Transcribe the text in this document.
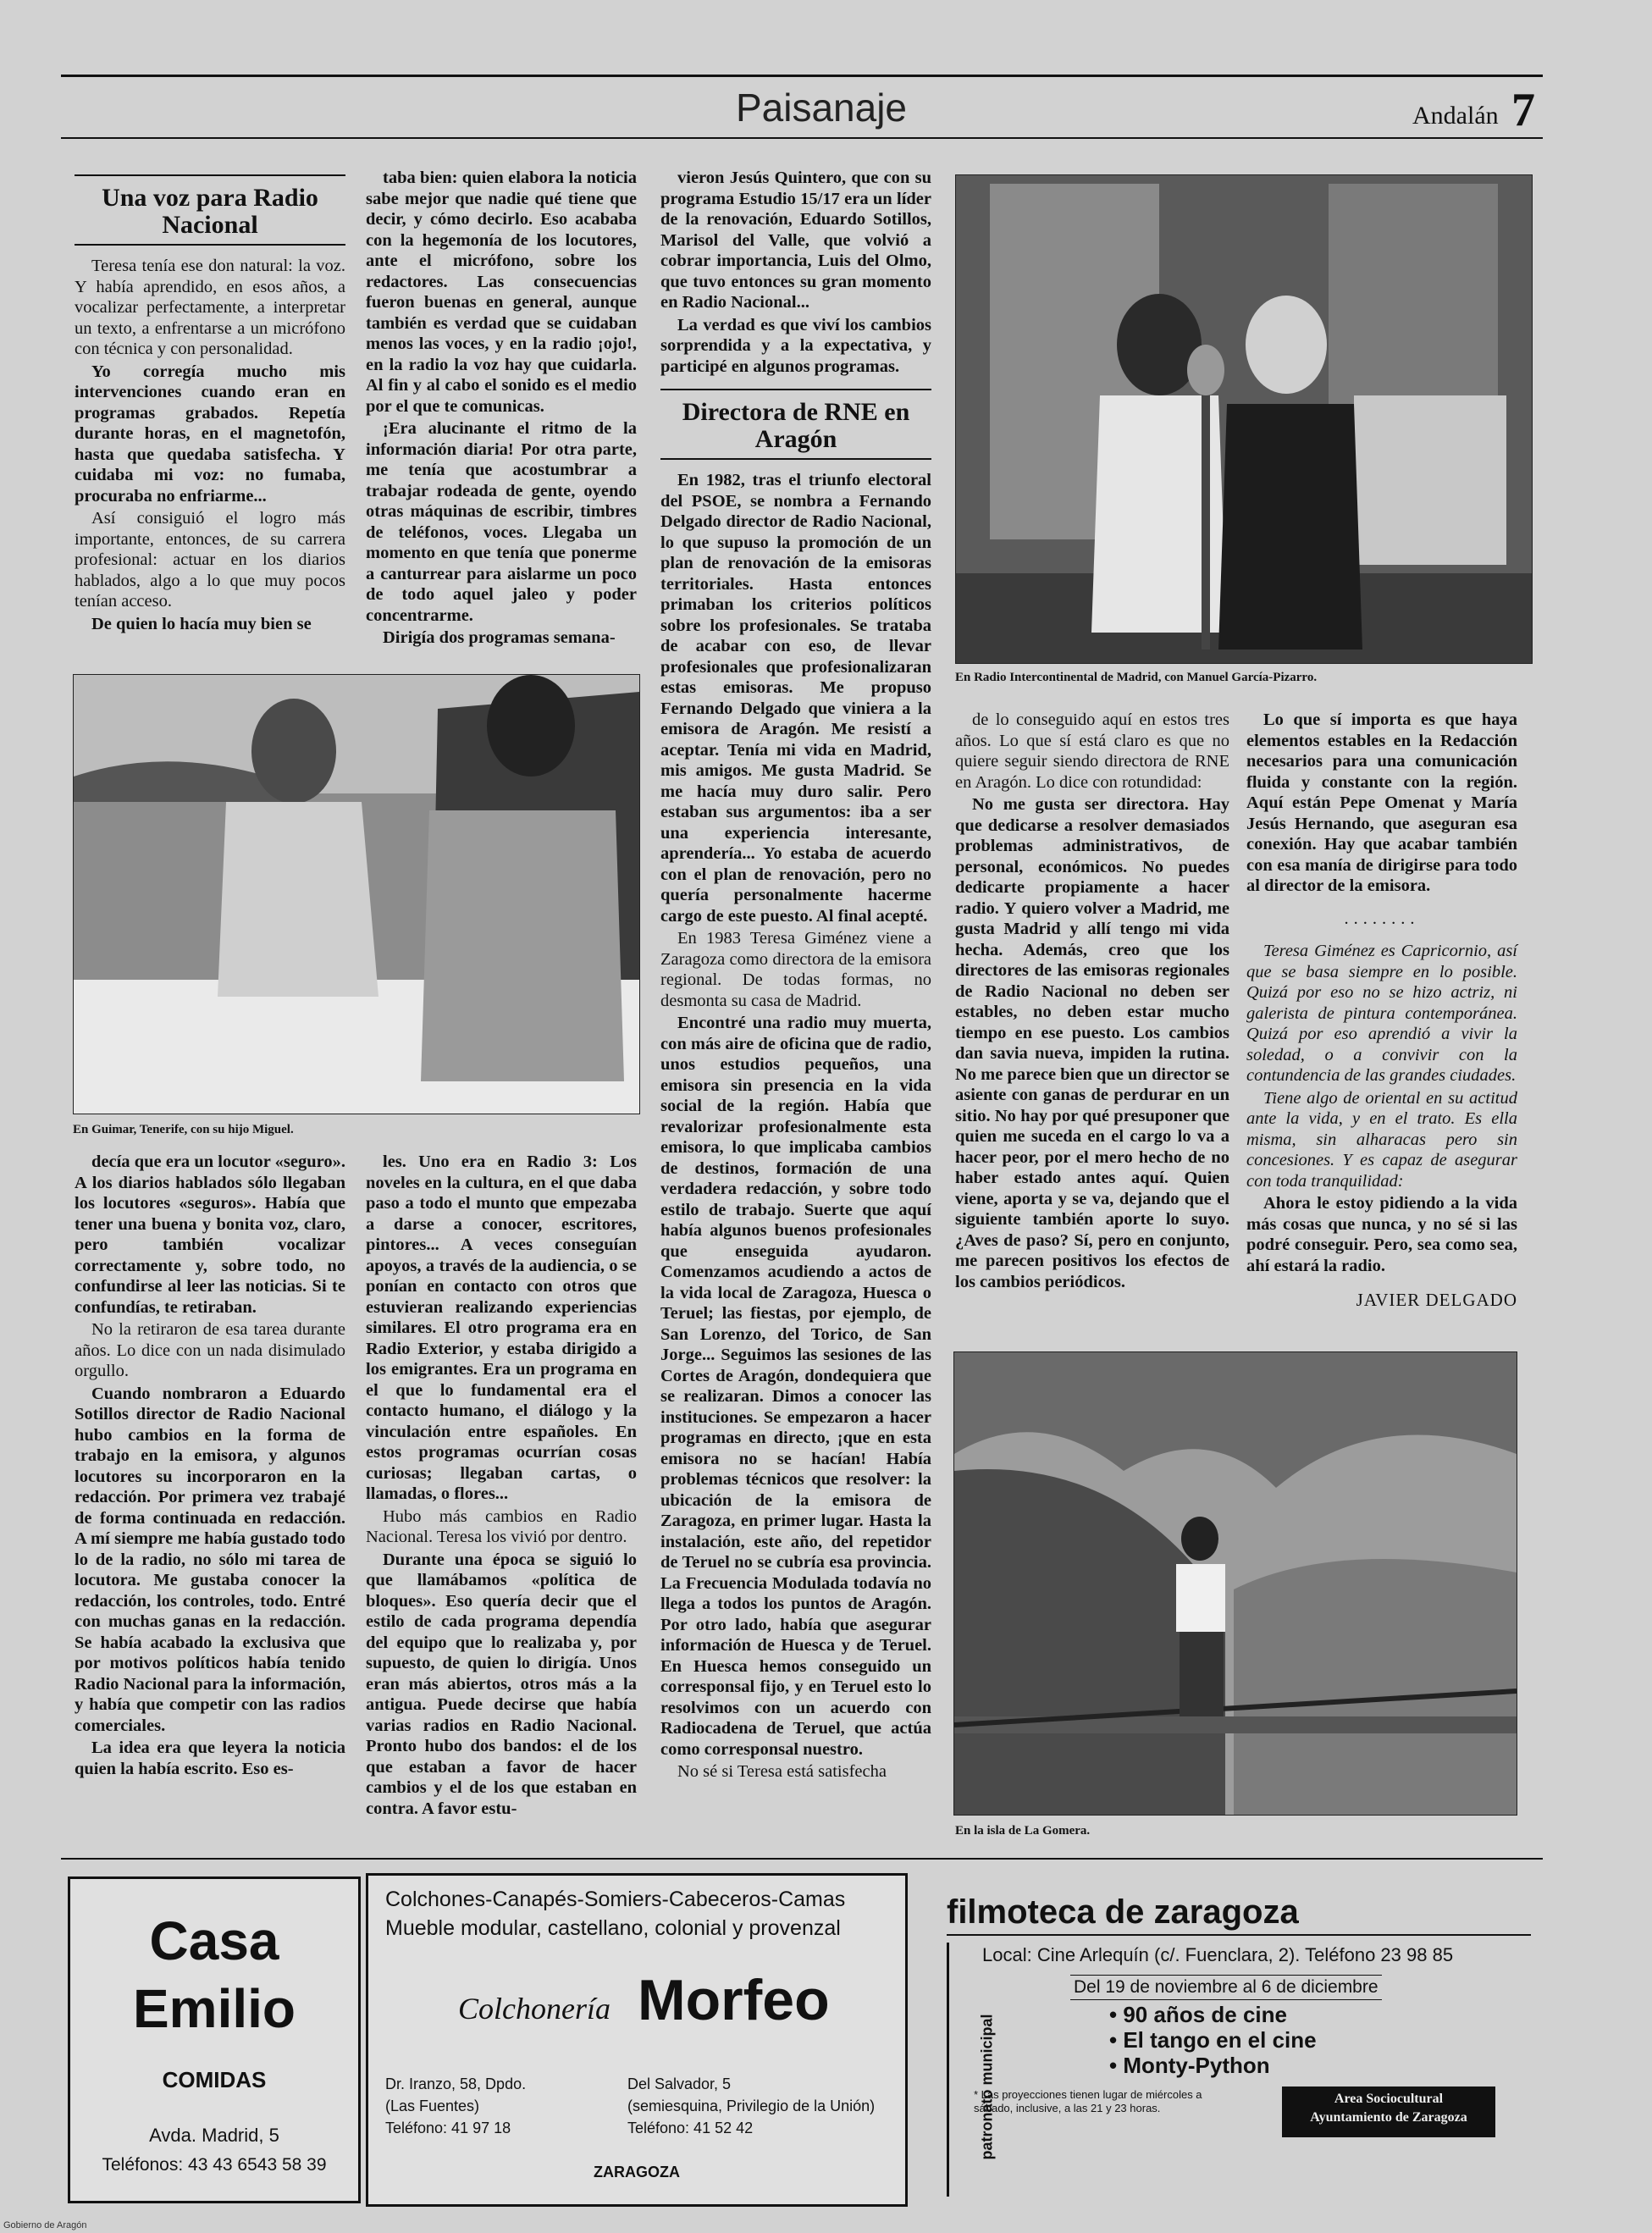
Paisanaje	Andalán 7
Una voz para Radio Nacional

Teresa tenía ese don natural: la voz. Y había aprendido, en esos años, a vocalizar perfectamente, a interpretar un texto, a enfrentarse a un micrófono con técnica y con personalidad.

Yo corregía mucho mis intervenciones cuando eran en programas grabados. Repetía durante horas, en el magnetofón, hasta que quedaba satisfecha. Y cuidaba mi voz: no fumaba, procuraba no enfriarme...

Así consiguió el logro más importante, entonces, de su carrera profesional: actuar en los diarios hablados, algo a lo que muy pocos tenían acceso.

De quien lo hacía muy bien se

taba bien: quien elabora la noticia sabe mejor que nadie qué tiene que decir, y cómo decirlo. Eso acababa con la hegemonía de los locutores, ante el micrófono, sobre los redactores. Las consecuencias fueron buenas en general, aunque también es verdad que se cuidaban menos las voces, y en la radio ¡ojo!, en la radio la voz hay que cuidarla. Al fin y al cabo el sonido es el medio por el que te comunicas.

¡Era alucinante el ritmo de la información diaria! Por otra parte, me tenía que acostumbrar a trabajar rodeada de gente, oyendo otras máquinas de escribir, timbres de teléfonos, voces. Llegaba un momento en que tenía que ponerme a canturrear para aislarme un poco de todo aquel jaleo y poder concentrarme.

Dirigía dos programas semana-

vieron Jesús Quintero, que con su programa Estudio 15/17 era un líder de la renovación, Eduardo Sotillos, Marisol del Valle, que volvió a cobrar importancia, Luis del Olmo, que tuvo entonces su gran momento en Radio Nacional...

La verdad es que viví los cambios sorprendida y a la expectativa, y participé en algunos programas.

Directora de RNE en Aragón

En 1982, tras el triunfo electoral del PSOE, se nombra a Fernando Delgado director de Radio Nacional, lo que supuso la promoción de un plan de renovación de la emisoras territoriales. Hasta entonces primaban los criterios políticos sobre los profesionales. Se trataba de acabar con eso, de llevar profesionales que profesionalizaran estas emisoras. Me propuso Fernando Delgado que viniera a la emisora de Aragón. Me resistí a aceptar. Tenía mi vida en Madrid, mis amigos. Me gusta Madrid. Se me hacía muy duro salir. Pero estaban sus argumentos: iba a ser una experiencia interesante, aprendería... Yo estaba de acuerdo con el plan de renovación, pero no quería personalmente hacerme cargo de este puesto. Al final acepté.

En 1983 Teresa Giménez viene a Zaragoza como directora de la emisora regional. De todas formas, no desmonta su casa de Madrid.

Encontré una radio muy muerta, con más aire de oficina que de radio, unos estudios pequeños, una emisora sin presencia en la vida social de la región. Había que revalorizar profesionalmente esta emisora, lo que implicaba cambios de destinos, formación de una verdadera redacción, y sobre todo estilo de trabajo. Suerte que aquí había algunos buenos profesionales que enseguida ayudaron. Comenzamos acudiendo a actos de la vida local de Zaragoza, Huesca o Teruel; las fiestas, por ejemplo, de San Lorenzo, del Torico, de San Jorge... Seguimos las sesiones de las Cortes de Aragón, dondequiera que se realizaran. Dimos a conocer las instituciones. Se empezaron a hacer programas en directo, ¡que en esta emisora no se hacían! Había problemas técnicos que resolver: la ubicación de la emisora de Zaragoza, en primer lugar. Hasta la instalación, este año, del repetidor de Teruel no se cubría esa provincia. La Frecuencia Modulada todavía no llega a todos los puntos de Aragón. Por otro lado, había que asegurar información de Huesca y de Teruel. En Huesca hemos conseguido un corresponsal fijo, y en Teruel esto lo resolvimos con un acuerdo con Radiocadena de Teruel, que actúa como corresponsal nuestro.

No sé si Teresa está satisfecha

En Radio Intercontinental de Madrid, con Manuel García-Pizarro.
En Guimar, Tenerife, con su hijo Miguel.

decía que era un locutor «seguro». A los diarios hablados sólo llegaban los locutores «seguros». Había que tener una buena y bonita voz, claro, pero también vocalizar correctamente y, sobre todo, no confundirse al leer las noticias. Si te confundías, te retiraban.

No la retiraron de esa tarea durante años. Lo dice con un nada disimulado orgullo.

Cuando nombraron a Eduardo Sotillos director de Radio Nacional hubo cambios en la forma de trabajo en la emisora, y algunos locutores su incorporaron en la redacción. Por primera vez trabajé de forma continuada en redacción. A mí siempre me había gustado todo lo de la radio, no sólo mi tarea de locutora. Me gustaba conocer la redacción, los controles, todo. Entré con muchas ganas en la redacción. Se había acabado la exclusiva que por motivos políticos había tenido Radio Nacional para la información, y había que competir con las radios comerciales.

La idea era que leyera la noticia quien la había escrito. Eso es-

les. Uno era en Radio 3: Los noveles en la cultura, en el que daba paso a todo el munto que empezaba a darse a conocer, escritores, pintores... A veces conseguían apoyos, a través de la audiencia, o se ponían en contacto con otros que estuvieran realizando experiencias similares. El otro programa era en Radio Exterior, y estaba dirigido a los emigrantes. Era un programa en el que lo fundamental era el contacto humano, el diálogo y la vinculación entre españoles. En estos programas ocurrían cosas curiosas; llegaban cartas, o llamadas, o flores...

Hubo más cambios en Radio Nacional. Teresa los vivió por dentro.

Durante una época se siguió lo que llamábamos «política de bloques». Eso quería decir que el estilo de cada programa dependía del equipo que lo realizaba y, por supuesto, de quien lo dirigía. Unos eran más abiertos, otros más a la antigua. Puede decirse que había varias radios en Radio Nacional. Pronto hubo dos bandos: el de los que estaban a favor de hacer cambios y el de los que estaban en contra. A favor estu-

de lo conseguido aquí en estos tres años. Lo que sí está claro es que no quiere seguir siendo directora de RNE en Aragón. Lo dice con rotundidad:

No me gusta ser directora. Hay que dedicarse a resolver demasiados problemas administrativos, de personal, económicos. No puedes dedicarte propiamente a hacer radio. Y quiero volver a Madrid, me gusta Madrid y allí tengo mi vida hecha. Además, creo que los directores de las emisoras regionales de Radio Nacional no deben ser estables, no deben estar mucho tiempo en ese puesto. Los cambios dan savia nueva, impiden la rutina. No me parece bien que un director se asiente con ganas de perdurar en un sitio. No hay por qué presuponer que quien me suceda en el cargo lo va a hacer peor, por el mero hecho de no haber estado antes aquí. Quien viene, aporta y se va, dejando que el siguiente también aporte lo suyo. ¿Aves de paso? Sí, pero en conjunto, me parecen positivos los efectos de los cambios periódicos.

Lo que sí importa es que haya elementos estables en la Redacción necesarios para una comunicación fluida y constante con la región. Aquí están Pepe Omenat y María Jesús Hernando, que aseguran esa conexión. Hay que acabar también con esa manía de dirigirse para todo al director de la emisora.

........

Teresa Giménez es Capricornio, así que se basa siempre en lo posible. Quizá por eso no se hizo actriz, ni galerista de pintura contemporánea. Quizá por eso aprendió a vivir la soledad, o a convivir con la contundencia de las grandes ciudades.

Tiene algo de oriental en su actitud ante la vida, y en el trato. Es ella misma, sin alharacas pero sin concesiones. Y es capaz de asegurar con toda tranquilidad:

Ahora le estoy pidiendo a la vida más cosas que nunca, y no sé si las podré conseguir. Pero, sea como sea, ahí estará la radio.

JAVIER DELGADO
En la isla de La Gomera.
Casa
Emilio
COMIDAS
Avda. Madrid, 5
Teléfonos: 43 43 6543 58 39
Colchones-Canapés-Somiers-Cabeceros-Camas
Mueble modular, castellano, colonial y provenzal
Colchonería Morfeo
Dr. Iranzo, 58, Dpdo.
(Las Fuentes)
Teléfono: 41 97 18
Del Salvador, 5
(semiesquina, Privilegio de la Unión)
Teléfono: 41 52 42
ZARAGOZA
filmoteca de zaragoza
patronato municipal
Local: Cine Arlequín (c/. Fuenclara, 2). Teléfono 23 98 85
Del 19 de noviembre al 6 de diciembre
• 90 años de cine
• El tango en el cine
• Monty-Python
* Las proyecciones tienen lugar de miércoles a sábado, inclusive, a las 21 y 23 horas.
Area Sociocultural
Ayuntamiento de Zaragoza
Gobierno de Aragón
